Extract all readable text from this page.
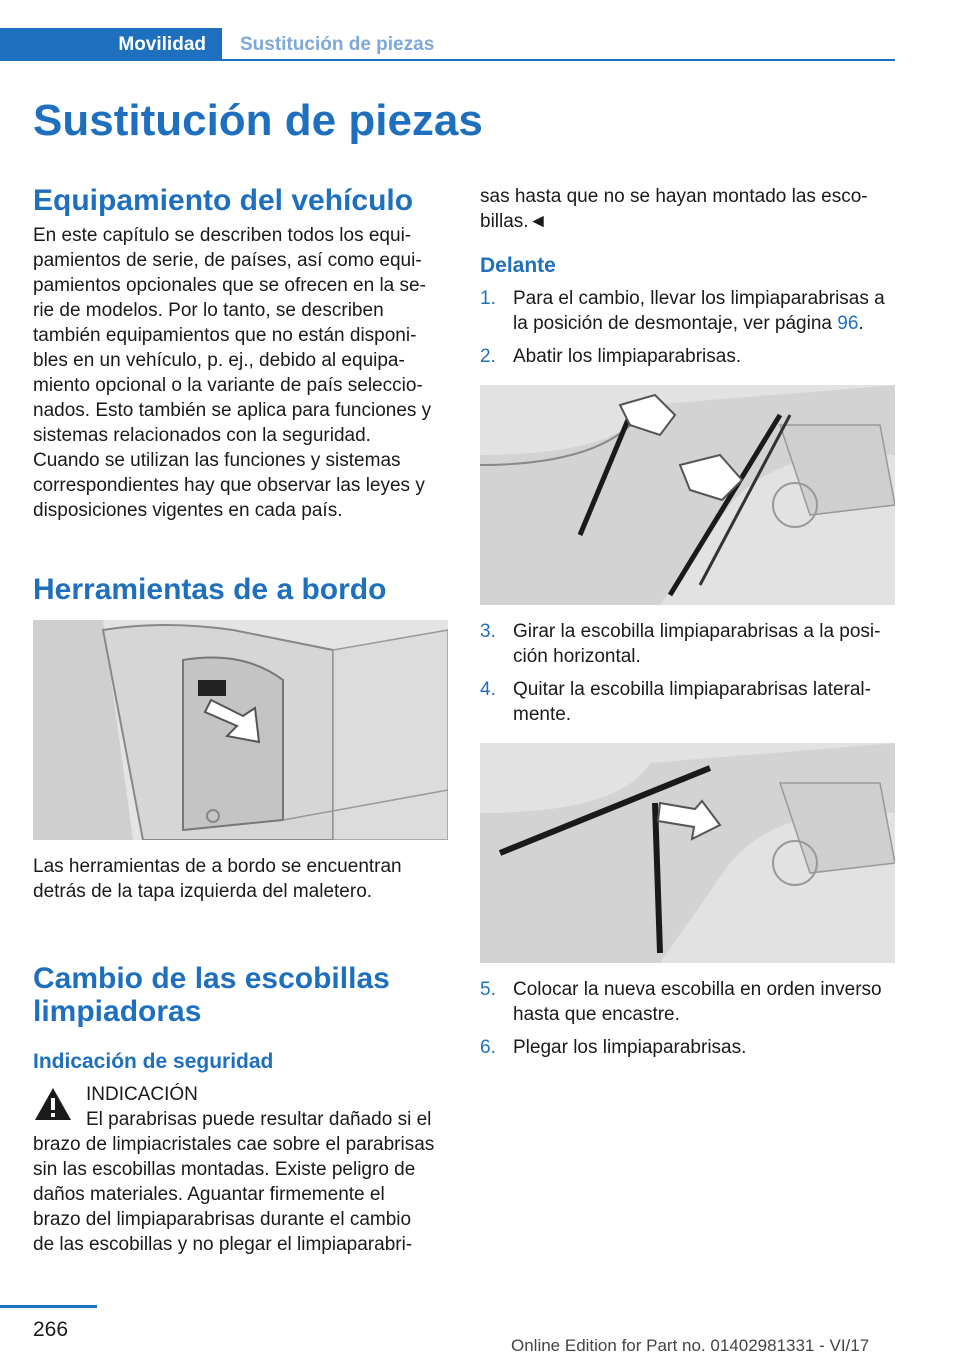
Movilidad	Sustitución de piezas
Sustitución de piezas
Equipamiento del vehículo

En este capítulo se describen todos los equi-

pamientos de serie, de países, así como equi-

pamientos opcionales que se ofrecen en la se-

rie de modelos. Por lo tanto, se describen

también equipamientos que no están disponi-

bles en un vehículo, p. ej., debido al equipa-

miento opcional o la variante de país seleccio-

nados. Esto también se aplica para funciones y

sistemas relacionados con la seguridad.

Cuando se utilizan las funciones y sistemas

correspondientes hay que observar las leyes y

disposiciones vigentes en cada país.

Herramientas de a bordo

Las herramientas de a bordo se encuentran

detrás de la tapa izquierda del maletero.

Cambio de las escobillas
limpiadoras
Indicación de seguridad

INDICACIÓN

El parabrisas puede resultar dañado si el

brazo de limpiacristales cae sobre el parabrisas

sin las escobillas montadas. Existe peligro de

daños materiales. Aguantar firmemente el

brazo del limpiaparabrisas durante el cambio

de las escobillas y no plegar el limpiaparabri-

sas hasta que no se hayan montado las esco-

billas.◄

Delante
1. Para el cambio, llevar los limpiaparabrisas a
la posición de desmontaje, ver página 96.
2. Abatir los limpiaparabrisas.
3. Girar la escobilla limpiaparabrisas a la posi-
ción horizontal.
4. Quitar la escobilla limpiaparabrisas lateral-
mente.
5. Colocar la nueva escobilla en orden inverso
hasta que encastre.
6. Plegar los limpiaparabrisas.
266
Online Edition for Part no. 01402981331 - VI/17
